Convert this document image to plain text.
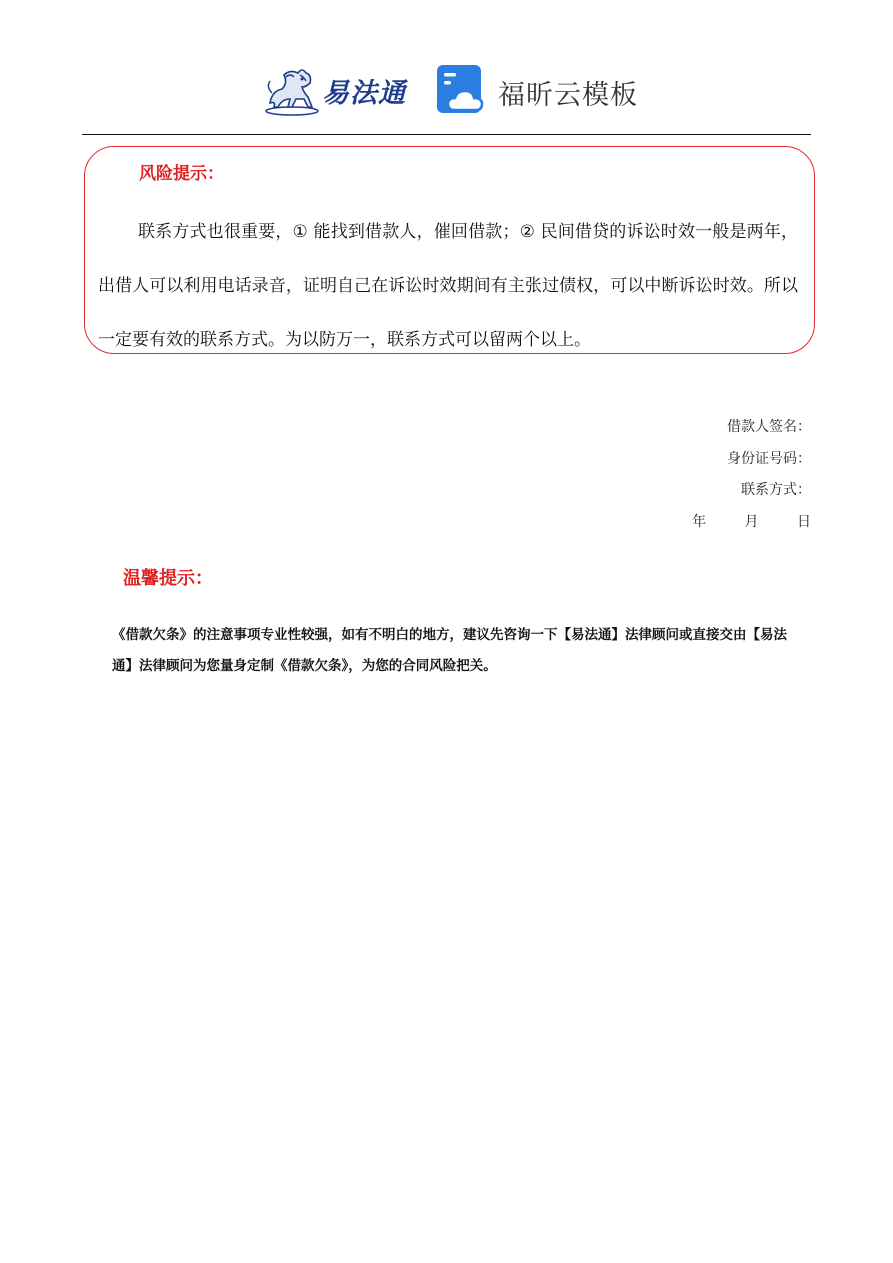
易法通	福昕云模板
风险提示：

联系方式也很重要，① 能找到借款人，催回借款；② 民间借贷的诉讼时效一般是两年，出借人可以利用电话录音，证明自己在诉讼时效期间有主张过债权，可以中断诉讼时效。所以一定要有效的联系方式。为以防万一，联系方式可以留两个以上。

借款人签名：
身份证号码：
联系方式：
年	月	日
温馨提示：

《借款欠条》的注意事项专业性较强，如有不明白的地方，建议先咨询一下【易法通】法律顾问或直接交由【易法通】法律顾问为您量身定制《借款欠条》，为您的合同风险把关。
